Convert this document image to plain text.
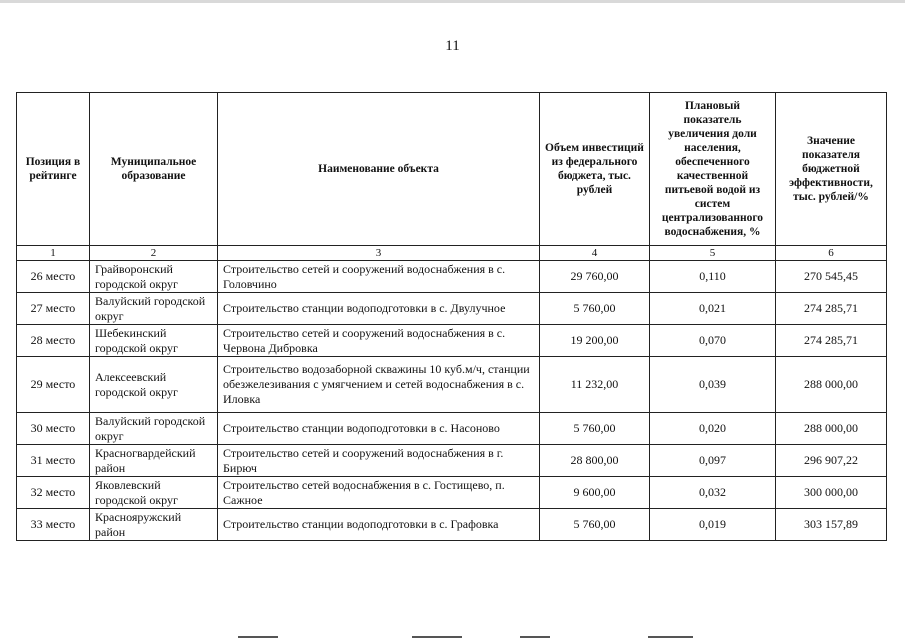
11
Позиция в рейтинге	Муниципальное образование	Наименование объекта	Объем инвестиций из федерального бюджета, тыс. рублей	Плановый показатель увеличения доли населения, обеспеченного качественной питьевой водой из систем централизованного водоснабжения, %	Значение показателя бюджетной эффективности, тыс. рублей/%
1	2	3	4	5	6
26 место	Грайворонский городской округ	Строительство сетей и сооружений водоснабжения в с. Головчино	29 760,00	0,110	270 545,45
27 место	Валуйский городской округ	Строительство станции водоподготовки в с. Двулучное	5 760,00	0,021	274 285,71
28 место	Шебекинский городской округ	Строительство сетей и сооружений водоснабжения в с. Червона Дибровка	19 200,00	0,070	274 285,71
29 место	Алексеевский городской округ	Строительство водозаборной скважины 10 куб.м/ч, станции обезжелезивания с умягчением и сетей водоснабжения в с. Иловка	11 232,00	0,039	288 000,00
30 место	Валуйский городской округ	Строительство станции водоподготовки в с. Насоново	5 760,00	0,020	288 000,00
31 место	Красногвардейский район	Строительство сетей и сооружений водоснабжения в г. Бирюч	28 800,00	0,097	296 907,22
32 место	Яковлевский городской округ	Строительство сетей водоснабжения в с. Гостищево, п. Сажное	9 600,00	0,032	300 000,00
33 место	Краснояружский район	Строительство станции водоподготовки в с. Графовка	5 760,00	0,019	303 157,89
